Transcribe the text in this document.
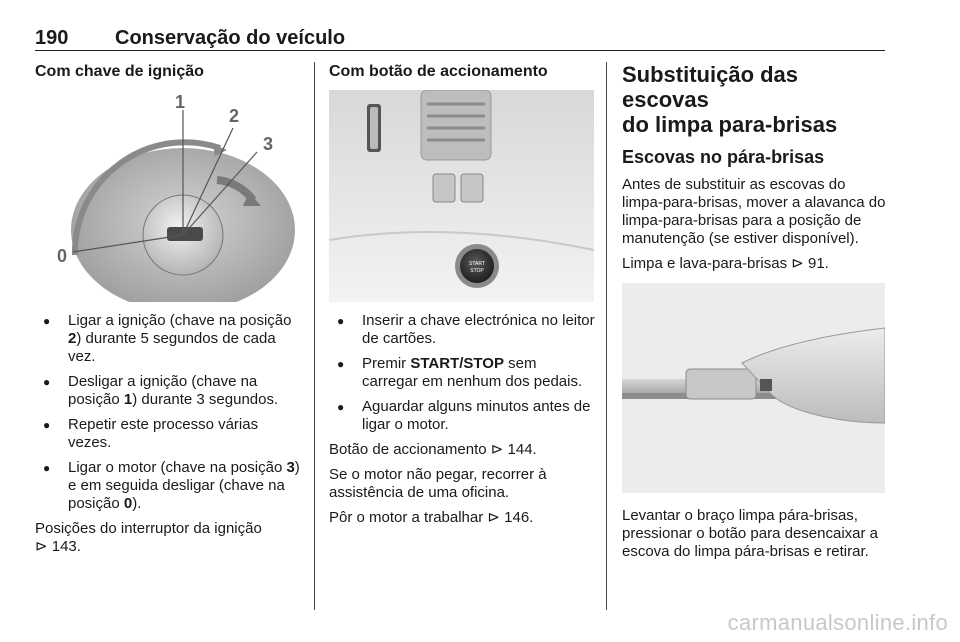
190 Conservação do veículo
Com chave de ignição
1
2
3
0
● Ligar a ignição (chave na posição 2) durante 5 segundos de cada vez.
● Desligar a ignição (chave na posição 1) durante 3 segundos.
● Repetir este processo várias vezes.
● Ligar o motor (chave na posição 3) e em seguida desligar (chave na posição 0).

Posições do interruptor da ignição
⊳ 143.

Com botão de accionamento
START
STOP
● Inserir a chave electrónica no leitor de cartões.
● Premir START/STOP sem carregar em nenhum dos pedais.
● Aguardar alguns minutos antes de ligar o motor.

Botão de accionamento ⊳ 144.

Se o motor não pegar, recorrer à assistência de uma oficina.

Pôr o motor a trabalhar ⊳ 146.

Substituição das escovas
do limpa para-brisas
Escovas no pára-brisas

Antes de substituir as escovas do limpa-para-brisas, mover a alavanca do limpa-para-brisas para a posição de manutenção (se estiver disponível).

Limpa e lava-para-brisas ⊳ 91.

Levantar o braço limpa pára-brisas, pressionar o botão para desencaixar a escova do limpa pára-brisas e retirar.

carmanualsonline.info
